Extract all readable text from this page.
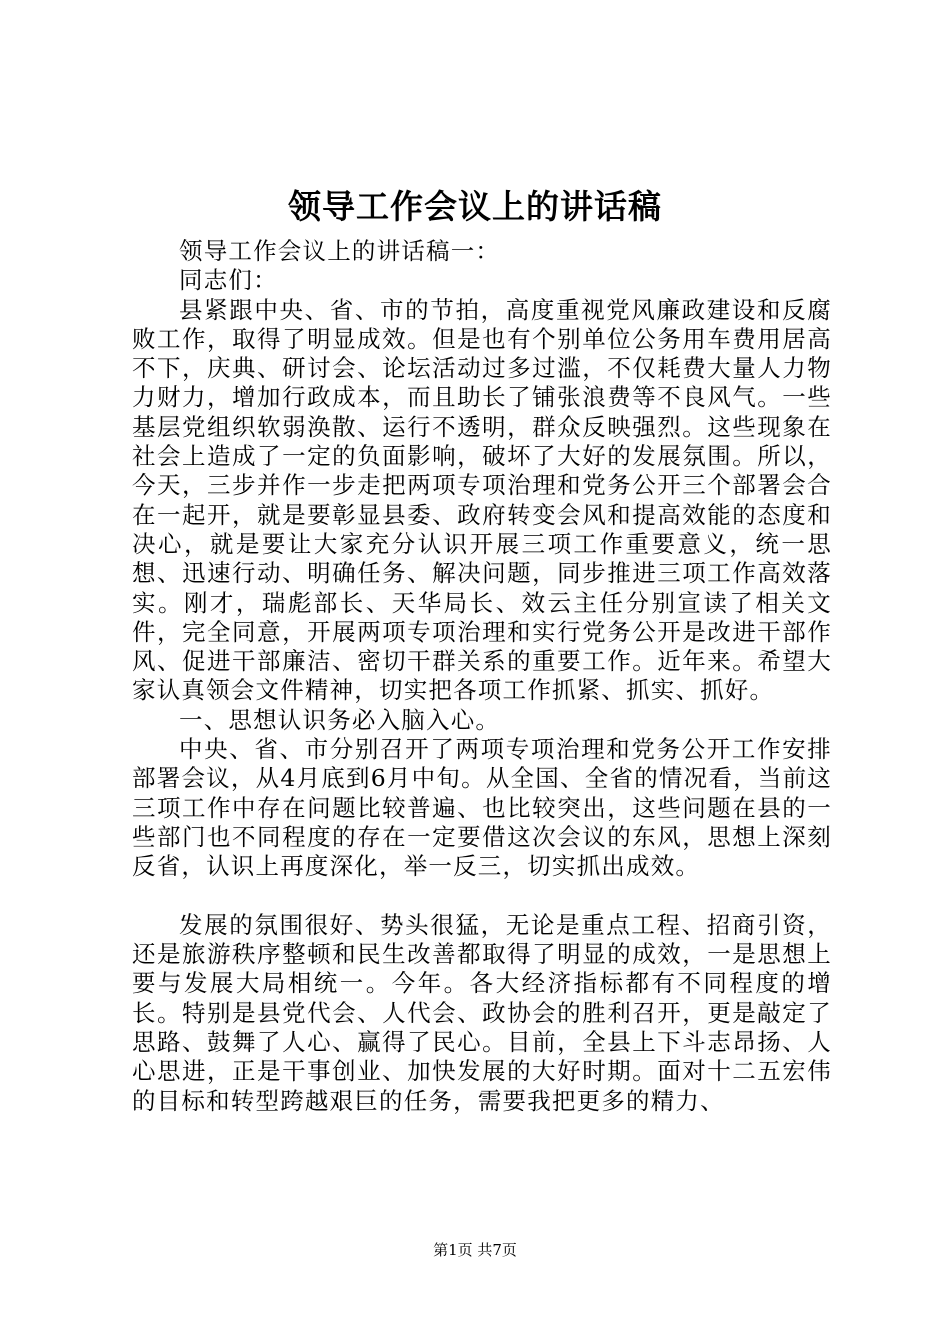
领导工作会议上的讲话稿

领导工作会议上的讲话稿一：

同志们：

县紧跟中央、省、市的节拍，高度重视党风廉政建设和反腐败工作，取得了明显成效。但是也有个别单位公务用车费用居高不下，庆典、研讨会、论坛活动过多过滥，不仅耗费大量人力物力财力，增加行政成本，而且助长了铺张浪费等不良风气。一些基层党组织软弱涣散、运行不透明，群众反映强烈。这些现象在社会上造成了一定的负面影响，破坏了大好的发展氛围。所以，今天，三步并作一步走把两项专项治理和党务公开三个部署会合在一起开，就是要彰显县委、政府转变会风和提高效能的态度和决心，就是要让大家充分认识开展三项工作重要意义，统一思想、迅速行动、明确任务、解决问题，同步推进三项工作高效落实。刚才，瑞彪部长、天华局长、效云主任分别宣读了相关文件，完全同意，开展两项专项治理和实行党务公开是改进干部作风、促进干部廉洁、密切干群关系的重要工作。近年来。希望大家认真领会文件精神，切实把各项工作抓紧、抓实、抓好。

一、思想认识务必入脑入心。

中央、省、市分别召开了两项专项治理和党务公开工作安排部署会议，从4月底到6月中旬。从全国、全省的情况看，当前这三项工作中存在问题比较普遍、也比较突出，这些问题在县的一些部门也不同程度的存在一定要借这次会议的东风，思想上深刻反省，认识上再度深化，举一反三，切实抓出成效。

发展的氛围很好、势头很猛，无论是重点工程、招商引资，还是旅游秩序整顿和民生改善都取得了明显的成效，一是思想上要与发展大局相统一。今年。各大经济指标都有不同程度的增长。特别是县党代会、人代会、政协会的胜利召开，更是敲定了思路、鼓舞了人心、赢得了民心。目前，全县上下斗志昂扬、人心思进，正是干事创业、加快发展的大好时期。面对十二五宏伟的目标和转型跨越艰巨的任务，需要我把更多的精力、

第1页 共7页
